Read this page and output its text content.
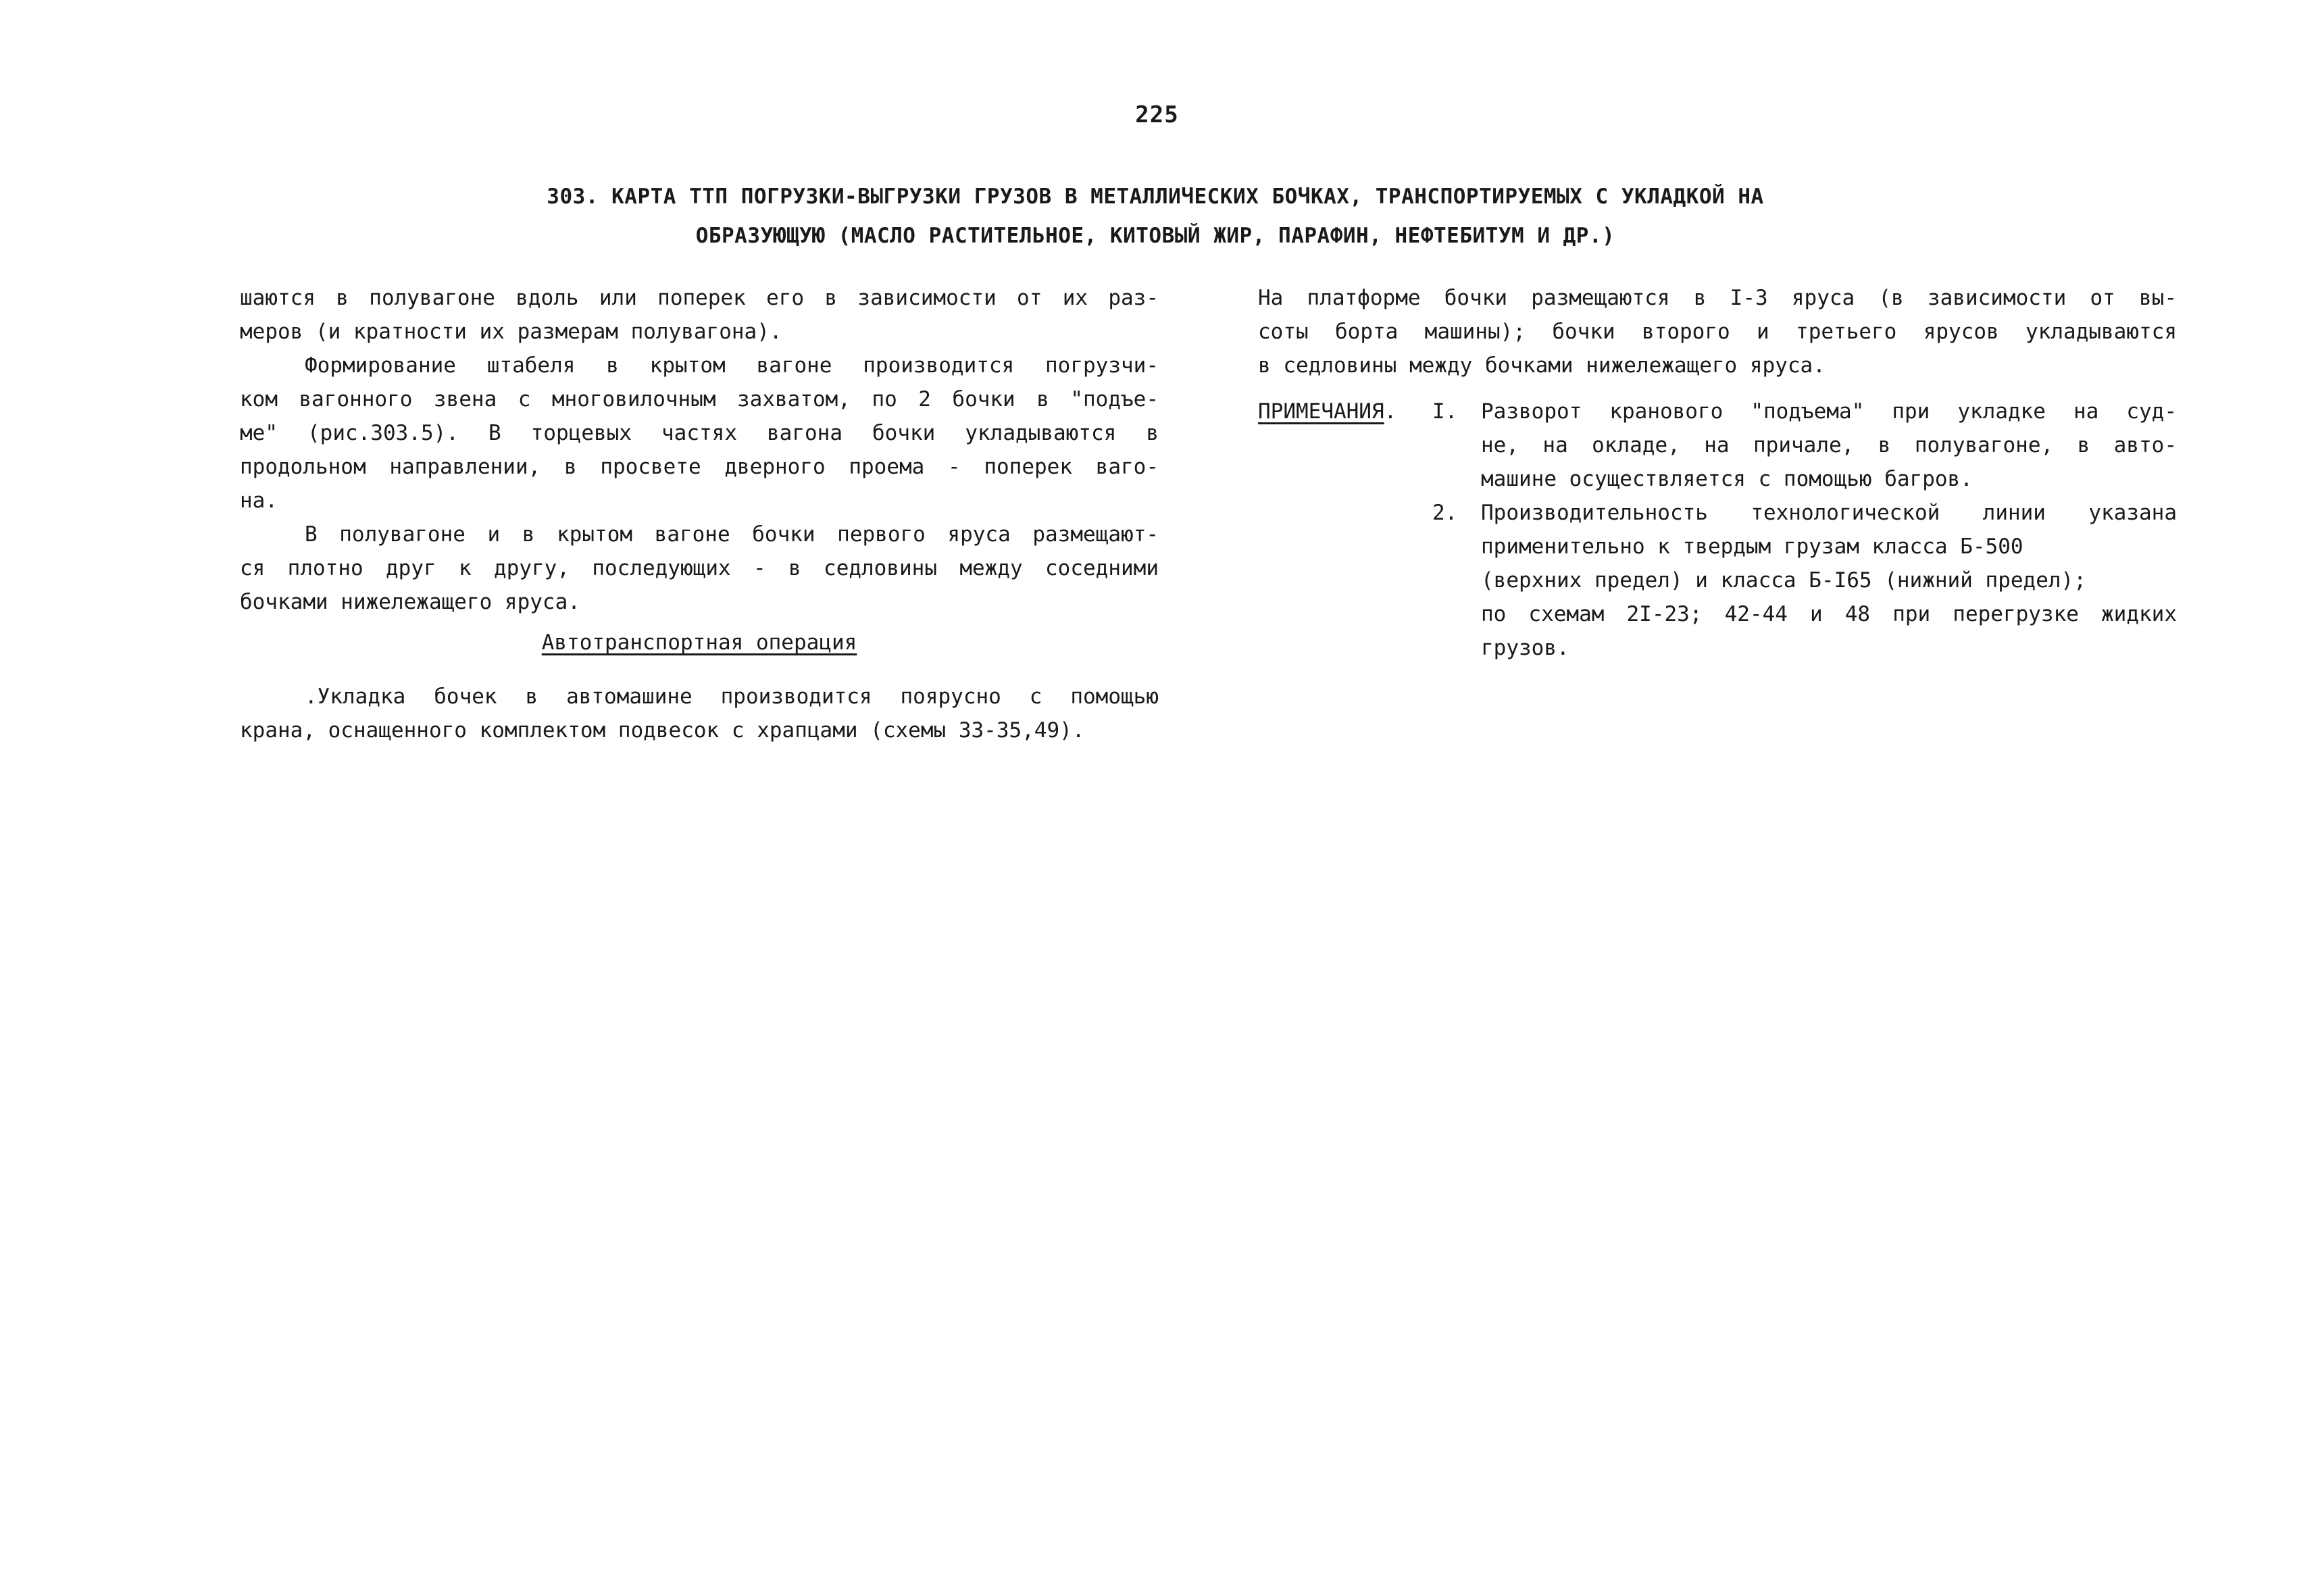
225
303. КАРТА ТТП ПОГРУЗКИ-ВЫГРУЗКИ ГРУЗОВ В МЕТАЛЛИЧЕСКИХ БОЧКАХ, ТРАНСПОРТИРУЕМЫХ С УКЛАДКОЙ НА
ОБРАЗУЮЩУЮ (МАСЛО РАСТИТЕЛЬНОЕ, КИТОВЫЙ ЖИР, ПАРАФИН, НЕФТЕБИТУМ И ДР.)
шаются в полувагоне вдоль или поперек его в зависимости от их раз-
меров (и кратности их размерам полувагона).
Формирование штабеля в крытом вагоне производится погрузчи-
ком вагонного звена с многовилочным захватом, по 2 бочки в "подъе-
ме" (рис.303.5). В торцевых частях вагона бочки укладываются в
продольном направлении, в просвете дверного проема - поперек ваго-
на.
В полувагоне и в крытом вагоне бочки первого яруса размещают-
ся плотно друг к другу, последующих - в седловины между соседними
бочками нижележащего яруса.
Автотранспортная операция
.Укладка бочек в автомашине производится поярусно с помощью
крана, оснащенного комплектом подвесок с храпцами (схемы 33-35,49).
На платформе бочки размещаются в I-3 яруса (в зависимости от вы-
соты борта машины); бочки второго и третьего ярусов укладываются
в седловины между бочками нижележащего яруса.
ПРИМЕЧАНИЯ. I. Разворот кранового "подъема" при укладке на суд-
не, на окладе, на причале, в полувагоне, в авто-
машине осуществляется с помощью багров.
2. Производительность технологической линии указана
применительно к твердым грузам класса Б-500
(верхних предел) и класса Б-I65 (нижний предел);
по схемам 2I-23; 42-44 и 48 при перегрузке жидких
грузов.
